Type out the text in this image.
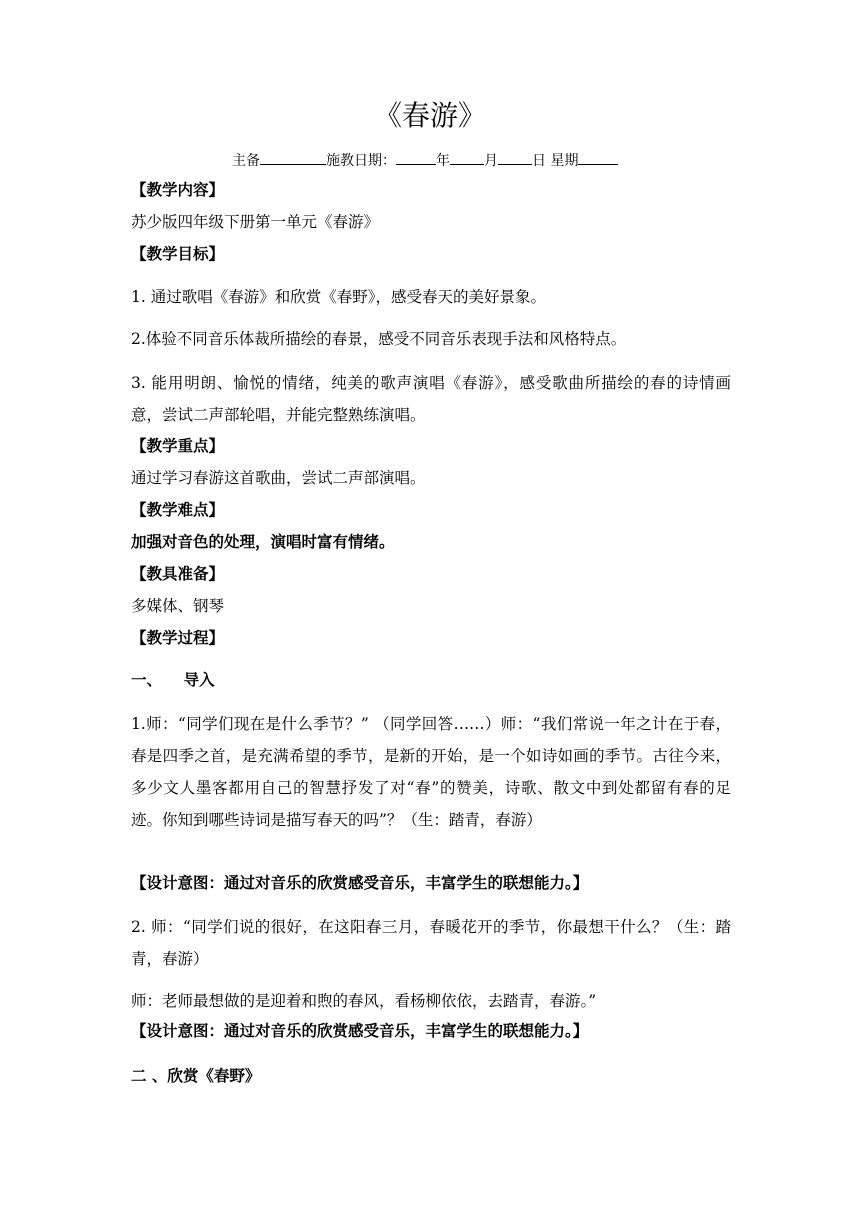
《春游》
主备	施教日期：	年 月 日 星期
【教学内容】
苏少版四年级下册第一单元《春游》
【教学目标】
1. 通过歌唱《春游》和欣赏《春野》，感受春天的美好景象。
2.体验不同音乐体裁所描绘的春景，感受不同音乐表现手法和风格特点。
3. 能用明朗、愉悦的情绪，纯美的歌声演唱《春游》，感受歌曲所描绘的春的诗情画意，尝试二声部轮唱，并能完整熟练演唱。
【教学重点】
通过学习春游这首歌曲，尝试二声部演唱。
【教学难点】
加强对音色的处理，演唱时富有情绪。
【教具准备】
多媒体、钢琴
【教学过程】
一、    导入
1.师：“同学们现在是什么季节？” （同学回答……）师：“我们常说一年之计在于春，春是四季之首，是充满希望的季节，是新的开始，是一个如诗如画的季节。古往今来，多少文人墨客都用自己的智慧抒发了对“春”的赞美，诗歌、散文中到处都留有春的足迹。你知到哪些诗词是描写春天的吗”？（生：踏青，春游）
【设计意图：通过对音乐的欣赏感受音乐，丰富学生的联想能力。】
2. 师：“同学们说的很好，在这阳春三月，春暖花开的季节，你最想干什么？（生：踏青，春游）
师：老师最想做的是迎着和煦的春风，看杨柳依依，去踏青，春游。”
【设计意图：通过对音乐的欣赏感受音乐，丰富学生的联想能力。】
二 、欣赏《春野》
